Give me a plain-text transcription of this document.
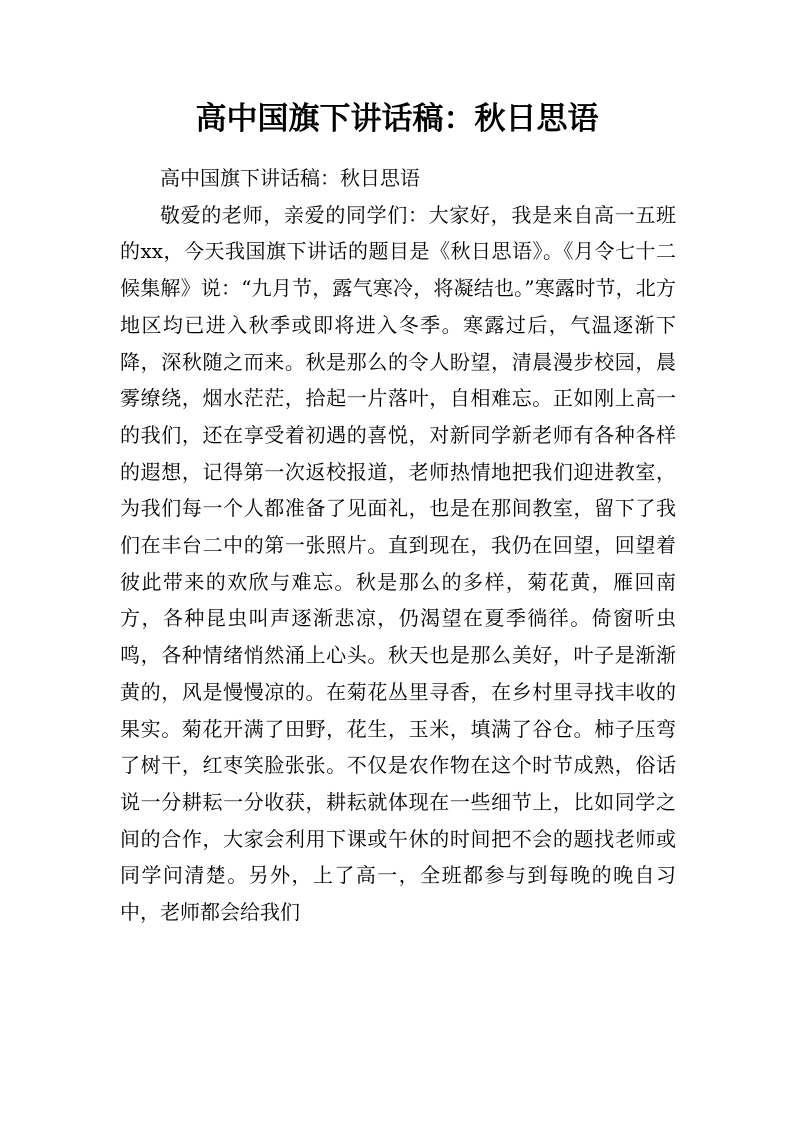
高中国旗下讲话稿：秋日思语

高中国旗下讲话稿：秋日思语

敬爱的老师，亲爱的同学们：大家好，我是来自高一五班的xx，今天我国旗下讲话的题目是《秋日思语》。《月令七十二候集解》说：“九月节，露气寒冷，将凝结也。”寒露时节，北方地区均已进入秋季或即将进入冬季。寒露过后，气温逐渐下降，深秋随之而来。秋是那么的令人盼望，清晨漫步校园，晨雾缭绕，烟水茫茫，拾起一片落叶，自相难忘。正如刚上高一的我们，还在享受着初遇的喜悦，对新同学新老师有各种各样的遐想，记得第一次返校报道，老师热情地把我们迎进教室，为我们每一个人都准备了见面礼，也是在那间教室，留下了我们在丰台二中的第一张照片。直到现在，我仍在回望，回望着彼此带来的欢欣与难忘。秋是那么的多样，菊花黄，雁回南方，各种昆虫叫声逐渐悲凉，仍渴望在夏季徜徉。倚窗听虫鸣，各种情绪悄然涌上心头。秋天也是那么美好，叶子是渐渐黄的，风是慢慢凉的。在菊花丛里寻香，在乡村里寻找丰收的果实。菊花开满了田野，花生，玉米，填满了谷仓。柿子压弯了树干，红枣笑脸张张。不仅是农作物在这个时节成熟，俗话说一分耕耘一分收获，耕耘就体现在一些细节上，比如同学之间的合作，大家会利用下课或午休的时间把不会的题找老师或同学问清楚。另外，上了高一，全班都参与到每晚的晚自习中，老师都会给我们
